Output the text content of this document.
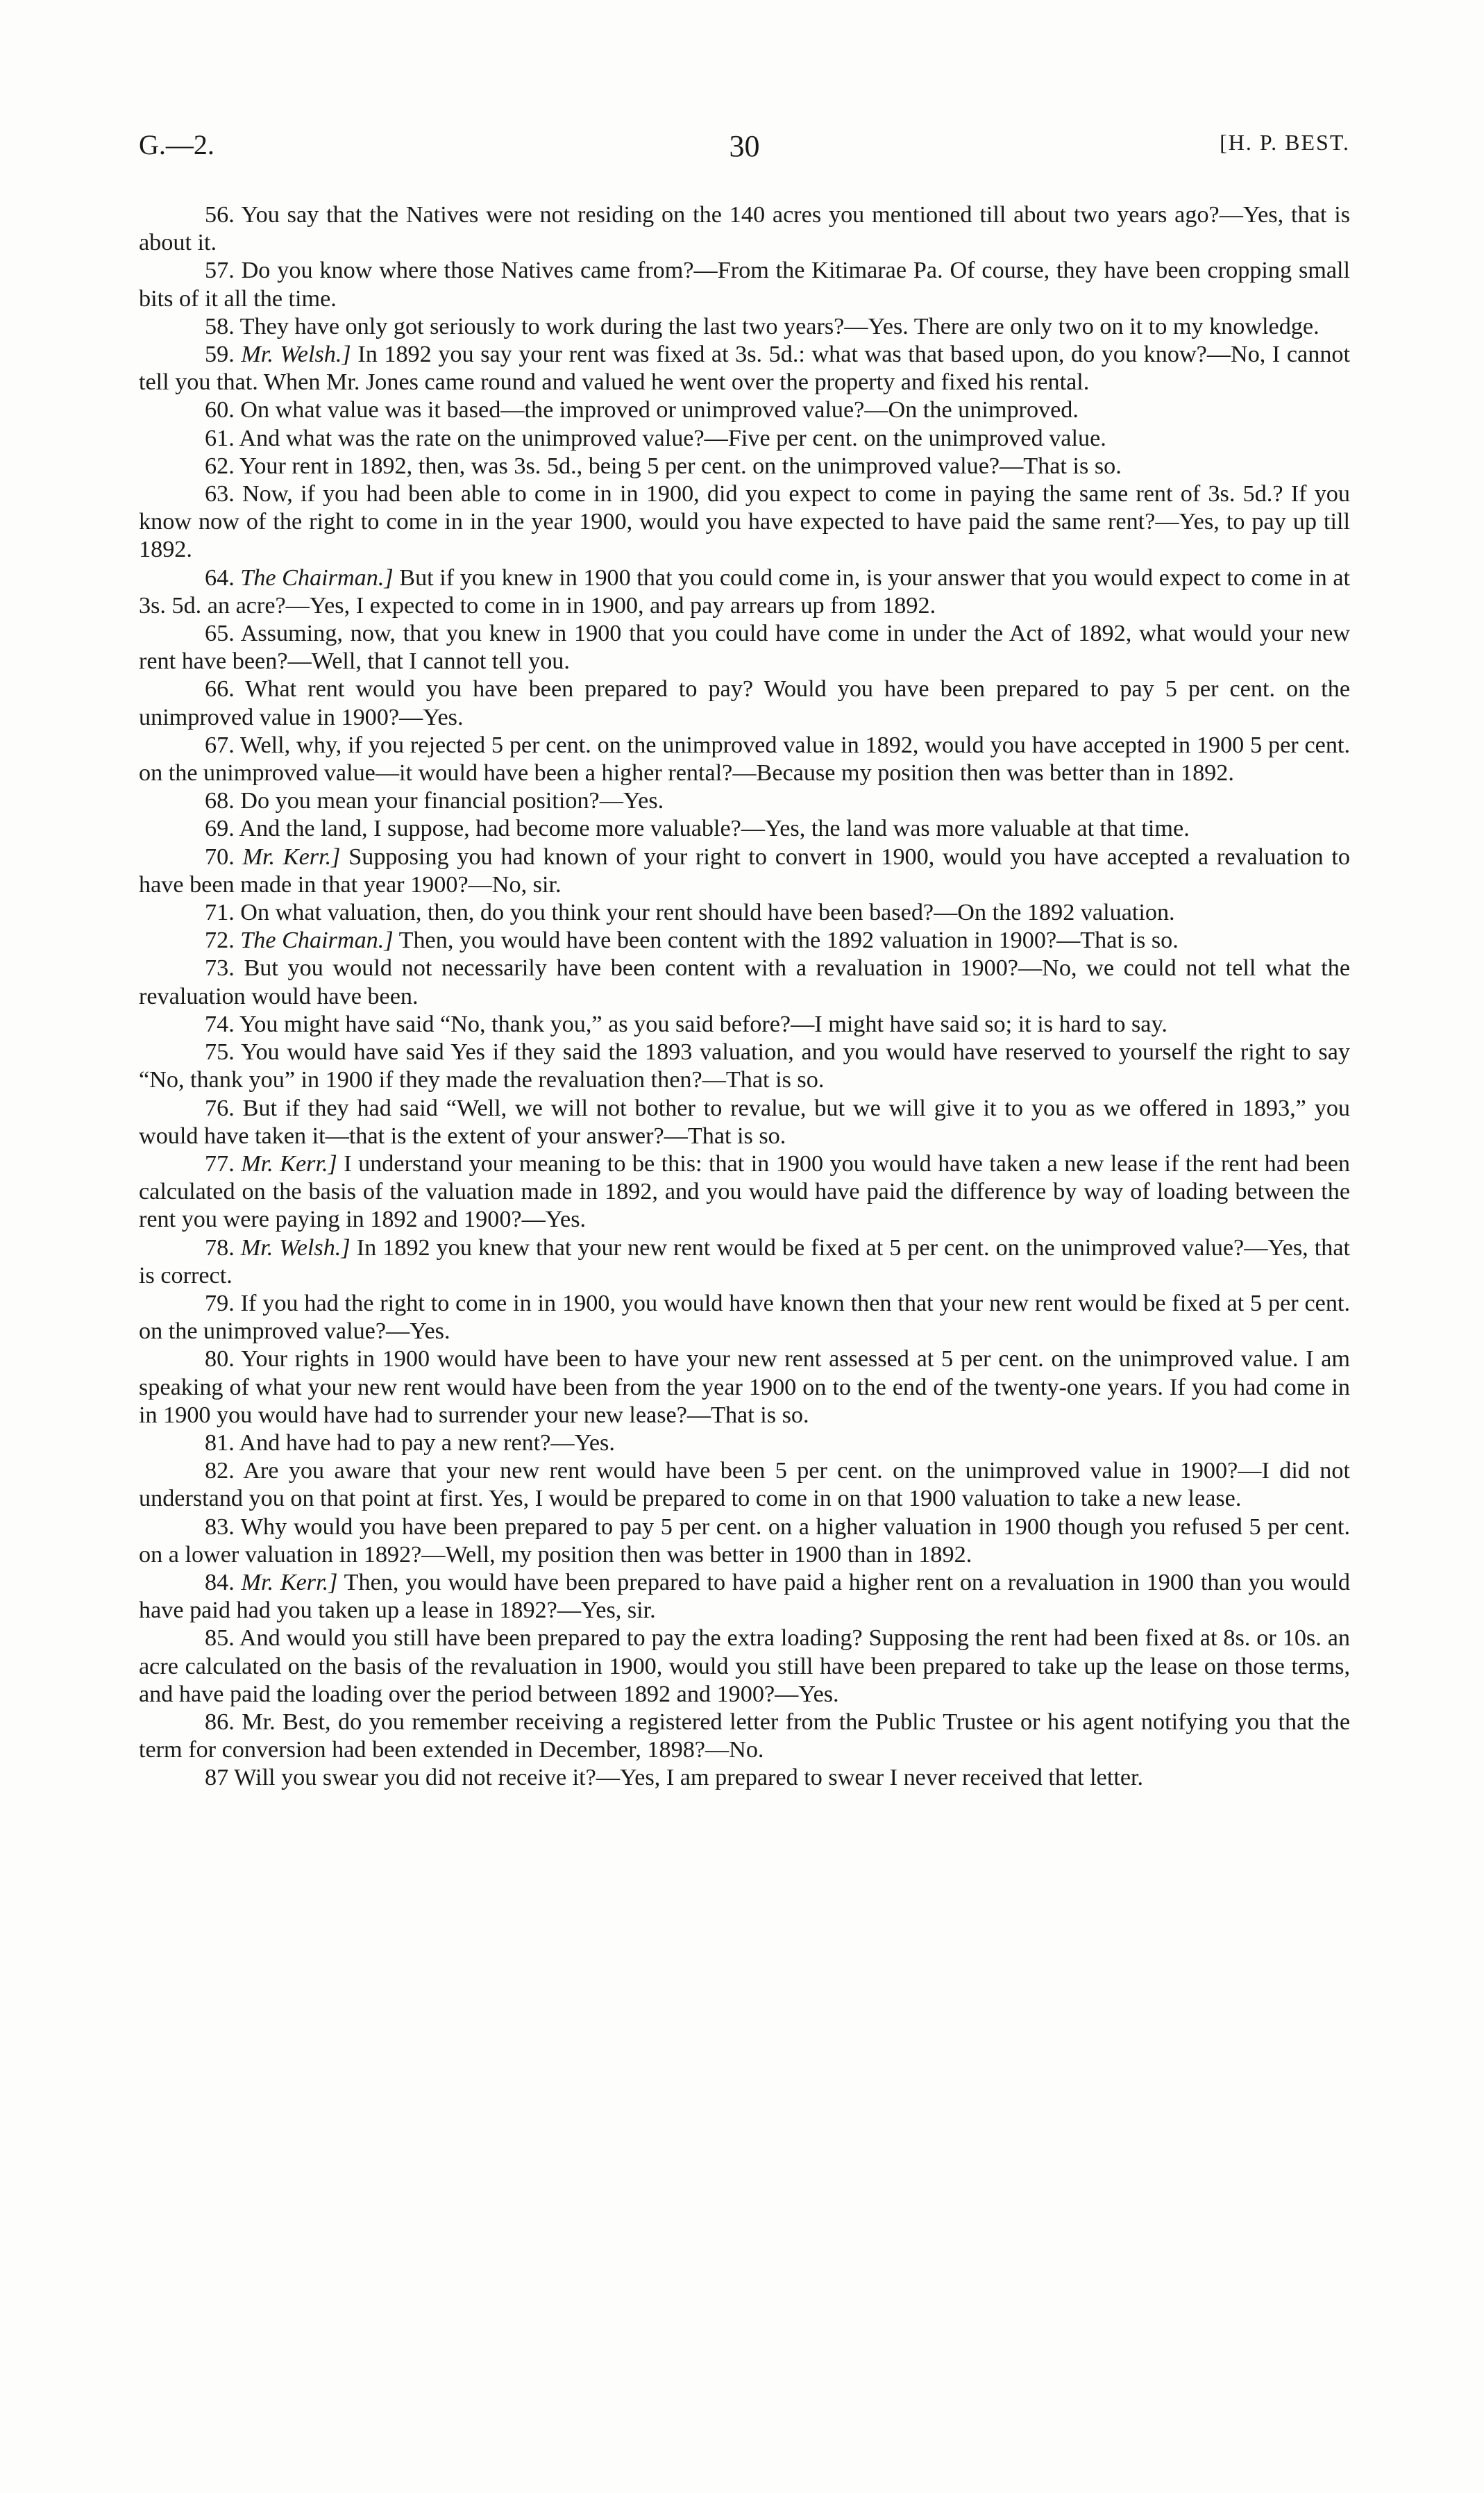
G.—2.	30	[H. P. BEST.

56. You say that the Natives were not residing on the 140 acres you mentioned till about two years ago?—Yes, that is about it.

57. Do you know where those Natives came from?—From the Kitimarae Pa. Of course, they have been cropping small bits of it all the time.

58. They have only got seriously to work during the last two years?—Yes. There are only two on it to my knowledge.

59. Mr. Welsh.] In 1892 you say your rent was fixed at 3s. 5d.: what was that based upon, do you know?—No, I cannot tell you that. When Mr. Jones came round and valued he went over the property and fixed his rental.

60. On what value was it based—the improved or unimproved value?—On the unimproved.

61. And what was the rate on the unimproved value?—Five per cent. on the unimproved value.

62. Your rent in 1892, then, was 3s. 5d., being 5 per cent. on the unimproved value?—That is so.

63. Now, if you had been able to come in in 1900, did you expect to come in paying the same rent of 3s. 5d.? If you know now of the right to come in in the year 1900, would you have expected to have paid the same rent?—Yes, to pay up till 1892.

64. The Chairman.] But if you knew in 1900 that you could come in, is your answer that you would expect to come in at 3s. 5d. an acre?—Yes, I expected to come in in 1900, and pay arrears up from 1892.

65. Assuming, now, that you knew in 1900 that you could have come in under the Act of 1892, what would your new rent have been?—Well, that I cannot tell you.

66. What rent would you have been prepared to pay? Would you have been prepared to pay 5 per cent. on the unimproved value in 1900?—Yes.

67. Well, why, if you rejected 5 per cent. on the unimproved value in 1892, would you have accepted in 1900 5 per cent. on the unimproved value—it would have been a higher rental?—Because my position then was better than in 1892.

68. Do you mean your financial position?—Yes.

69. And the land, I suppose, had become more valuable?—Yes, the land was more valuable at that time.

70. Mr. Kerr.] Supposing you had known of your right to convert in 1900, would you have accepted a revaluation to have been made in that year 1900?—No, sir.

71. On what valuation, then, do you think your rent should have been based?—On the 1892 valuation.

72. The Chairman.] Then, you would have been content with the 1892 valuation in 1900?—That is so.

73. But you would not necessarily have been content with a revaluation in 1900?—No, we could not tell what the revaluation would have been.

74. You might have said “No, thank you,” as you said before?—I might have said so; it is hard to say.

75. You would have said Yes if they said the 1893 valuation, and you would have reserved to yourself the right to say “No, thank you” in 1900 if they made the revaluation then?—That is so.

76. But if they had said “Well, we will not bother to revalue, but we will give it to you as we offered in 1893,” you would have taken it—that is the extent of your answer?—That is so.

77. Mr. Kerr.] I understand your meaning to be this: that in 1900 you would have taken a new lease if the rent had been calculated on the basis of the valuation made in 1892, and you would have paid the difference by way of loading between the rent you were paying in 1892 and 1900?—Yes.

78. Mr. Welsh.] In 1892 you knew that your new rent would be fixed at 5 per cent. on the unimproved value?—Yes, that is correct.

79. If you had the right to come in in 1900, you would have known then that your new rent would be fixed at 5 per cent. on the unimproved value?—Yes.

80. Your rights in 1900 would have been to have your new rent assessed at 5 per cent. on the unimproved value. I am speaking of what your new rent would have been from the year 1900 on to the end of the twenty-one years. If you had come in in 1900 you would have had to surrender your new lease?—That is so.

81. And have had to pay a new rent?—Yes.

82. Are you aware that your new rent would have been 5 per cent. on the unimproved value in 1900?—I did not understand you on that point at first. Yes, I would be prepared to come in on that 1900 valuation to take a new lease.

83. Why would you have been prepared to pay 5 per cent. on a higher valuation in 1900 though you refused 5 per cent. on a lower valuation in 1892?—Well, my position then was better in 1900 than in 1892.

84. Mr. Kerr.] Then, you would have been prepared to have paid a higher rent on a revaluation in 1900 than you would have paid had you taken up a lease in 1892?—Yes, sir.

85. And would you still have been prepared to pay the extra loading? Supposing the rent had been fixed at 8s. or 10s. an acre calculated on the basis of the revaluation in 1900, would you still have been prepared to take up the lease on those terms, and have paid the loading over the period between 1892 and 1900?—Yes.

86. Mr. Best, do you remember receiving a registered letter from the Public Trustee or his agent notifying you that the term for conversion had been extended in December, 1898?—No.

87 Will you swear you did not receive it?—Yes, I am prepared to swear I never received that letter.
